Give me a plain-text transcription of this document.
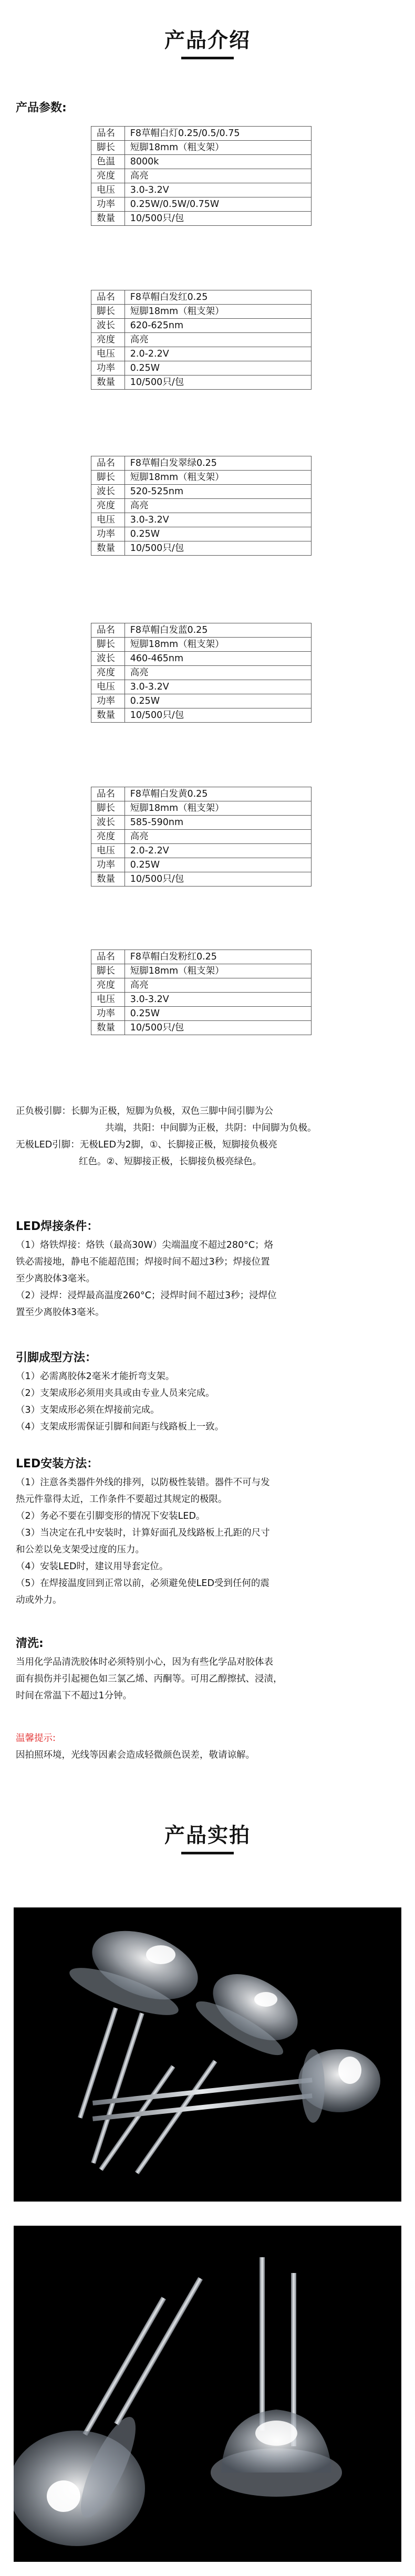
产品介绍
产品参数:
品名	F8草帽白灯0.25/0.5/0.75
脚长	短脚18mm（粗支架）
色温	8000k
亮度	高亮
电压	3.0-3.2V
功率	0.25W/0.5W/0.75W
数量	10/500只/包
品名	F8草帽白发红0.25
脚长	短脚18mm（粗支架）
波长	620-625nm
亮度	高亮
电压	2.0-2.2V
功率	0.25W
数量	10/500只/包
品名	F8草帽白发翠绿0.25
脚长	短脚18mm（粗支架）
波长	520-525nm
亮度	高亮
电压	3.0-3.2V
功率	0.25W
数量	10/500只/包
品名	F8草帽白发蓝0.25
脚长	短脚18mm（粗支架）
波长	460-465nm
亮度	高亮
电压	3.0-3.2V
功率	0.25W
数量	10/500只/包
品名	F8草帽白发黄0.25
脚长	短脚18mm（粗支架）
波长	585-590nm
亮度	高亮
电压	2.0-2.2V
功率	0.25W
数量	10/500只/包
品名	F8草帽白发粉红0.25
脚长	短脚18mm（粗支架）
亮度	高亮
电压	3.0-3.2V
功率	0.25W
数量	10/500只/包
正负极引脚：长脚为正极，短脚为负极，双色三脚中间引脚为公
共端，共阳：中间脚为正极，共阴：中间脚为负极。
无极LED引脚：无极LED为2脚，①、长脚接正极，短脚接负极亮
红色。②、短脚接正极，长脚接负极亮绿色。
LED焊接条件：
（1）烙铁焊接：烙铁（最高30W）尖端温度不超过280°C；烙
铁必需接地，静电不能超范围；焊接时间不超过3秒；焊接位置
至少离胶体3毫米。
（2）浸焊：浸焊最高温度260°C；浸焊时间不超过3秒；浸焊位
置至少离胶体3毫米。
引脚成型方法：
（1）必需离胶体2毫米才能折弯支架。
（2）支架成形必须用夹具或由专业人员来完成。
（3）支架成形必须在焊接前完成。
（4）支架成形需保证引脚和间距与线路板上一致。
LED安装方法：
（1）注意各类器件外线的排列，以防极性装错。器件不可与发
热元件靠得太近，工作条件不要超过其规定的极限。
（2）务必不要在引脚变形的情况下安装LED。
（3）当决定在孔中安装时，计算好面孔及线路板上孔距的尺寸
和公差以免支架受过度的压力。
（4）安装LED时，建议用导套定位。
（5）在焊接温度回到正常以前，必须避免使LED受到任何的震
动或外力。
清洗:
当用化学品清洗胶体时必须特别小心，因为有些化学品对胶体表
面有损伤并引起褪色如三氯乙烯、丙酮等。可用乙醇擦拭、浸渍，
时间在常温下不超过1分钟。
温馨提示:
因拍照环境，光线等因素会造成轻微颜色误差，敬请谅解。
产品实拍
